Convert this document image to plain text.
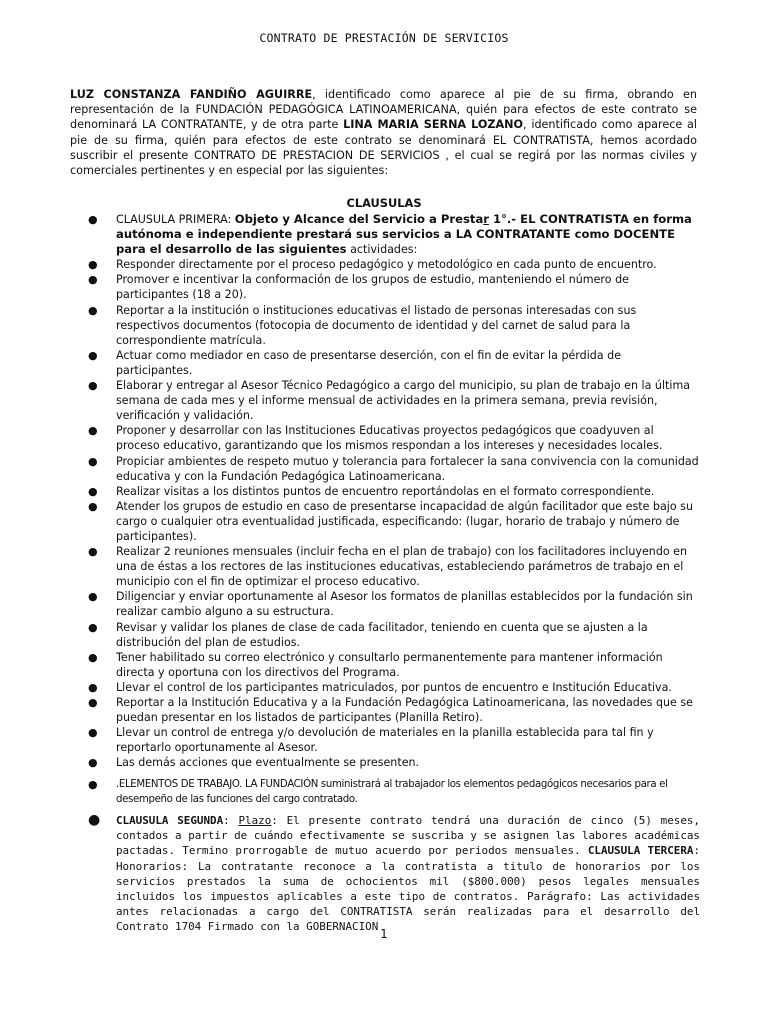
CONTRATO DE PRESTACIÓN DE SERVICIOS
LUZ CONSTANZA FANDIÑO AGUIRRE, identificado como aparece al pie de su firma, obrando en representación de la FUNDACIÓN PEDAGÓGICA LATINOAMERICANA, quién para efectos de este contrato se denominará LA CONTRATANTE, y de otra parte LINA MARIA SERNA LOZANO, identificado como aparece al pie de su firma, quién para efectos de este contrato se denominará EL CONTRATISTA, hemos acordado suscribir el presente CONTRATO DE PRESTACION DE SERVICIOS , el cual se regirá por las normas civiles y comerciales pertinentes y en especial por las siguientes:
CLAUSULAS
● CLAUSULA PRIMERA: Objeto y Alcance del Servicio a Prestar 1°.- EL CONTRATISTA en forma autónoma e independiente prestará sus servicios a LA CONTRATANTE como DOCENTE para el desarrollo de las siguientes actividades:
● Responder directamente por el proceso pedagógico y metodológico en cada punto de encuentro.
● Promover e incentivar la conformación de los grupos de estudio, manteniendo el número de participantes (18 a 20).
● Reportar a la institución o instituciones educativas el listado de personas interesadas con sus respectivos documentos (fotocopia de documento de identidad y del carnet de salud para la correspondiente matrícula.
● Actuar como mediador en caso de presentarse deserción, con el fin de evitar la pérdida de participantes.
● Elaborar y entregar al Asesor Técnico Pedagógico a cargo del municipio, su plan de trabajo en la última semana de cada mes y el informe mensual de actividades en la primera semana, previa revisión, verificación y validación.
● Proponer y desarrollar con las Instituciones Educativas proyectos pedagógicos que coadyuven al proceso educativo, garantizando que los mismos respondan a los intereses y necesidades locales.
● Propiciar ambientes de respeto mutuo y tolerancia para fortalecer la sana convivencia con la comunidad educativa y con la Fundación Pedagógica Latinoamericana.
● Realizar visitas a los distintos puntos de encuentro reportándolas en el formato correspondiente.
● Atender los grupos de estudio en caso de presentarse incapacidad de algún facilitador que este bajo su cargo o cualquier otra eventualidad justificada, especificando: (lugar, horario de trabajo y número de participantes).
● Realizar 2 reuniones mensuales (incluir fecha en el plan de trabajo) con los facilitadores incluyendo en una de éstas a los rectores de las instituciones educativas, estableciendo parámetros de trabajo en el municipio con el fin de optimizar el proceso educativo.
● Diligenciar y enviar oportunamente al Asesor los formatos de planillas establecidos por la fundación sin realizar cambio alguno a su estructura.
● Revisar y validar los planes de clase de cada facilitador, teniendo en cuenta que se ajusten a la distribución del plan de estudios.
● Tener habilitado su correo electrónico y consultarlo permanentemente para mantener información directa y oportuna con los directivos del Programa.
● Llevar el control de los participantes matriculados, por puntos de encuentro e Institución Educativa.
● Reportar a la Institución Educativa y a la Fundación Pedagógica Latinoamericana, las novedades que se puedan presentar en los listados de participantes (Planilla Retiro).
● Llevar un control de entrega y/o devolución de materiales en la planilla establecida para tal fin y reportarlo oportunamente al Asesor.
● Las demás acciones que eventualmente se presenten.
●	.ELEMENTOS DE TRABAJO. LA FUNDACIÓN suministrará al trabajador los elementos pedagógicos necesarios para el desempeño de las funciones del cargo contratado.
●	CLAUSULA SEGUNDA: Plazo: El presente contrato tendrá una duración de cinco (5) meses, contados a partir de cuándo efectivamente se suscriba y se asignen las labores académicas pactadas. Termino prorrogable de mutuo acuerdo por periodos mensuales. CLAUSULA TERCERA: Honorarios: La contratante reconoce a la contratista a titulo de honorarios por los servicios prestados la suma de ochocientos mil ($800.000) pesos legales mensuales incluidos los impuestos aplicables a este tipo de contratos. Parágrafo: Las actividades antes relacionadas a cargo del CONTRATISTA serán realizadas para el desarrollo del Contrato 1704 Firmado con la GOBERNACION
1
